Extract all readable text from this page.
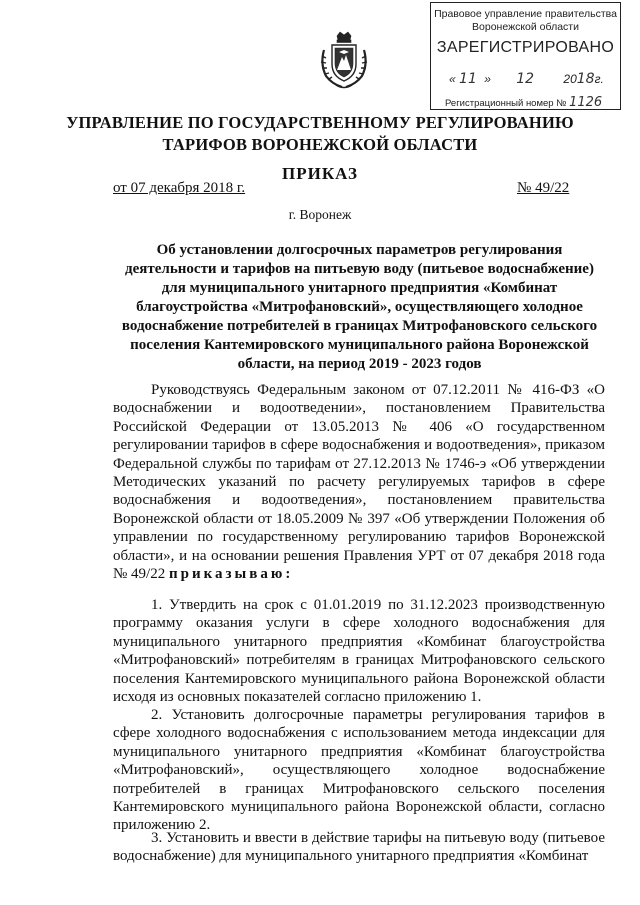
Правовое управление правительства
Воронежской области
ЗАРЕГИСТРИРОВАНО
« 11 » 12 2018г.
Регистрационный номер № 1126
УПРАВЛЕНИЕ ПО ГОСУДАРСТВЕННОМУ РЕГУЛИРОВАНИЮ
ТАРИФОВ ВОРОНЕЖСКОЙ ОБЛАСТИ
ПРИКАЗ
от 07 декабря 2018 г.	№ 49/22
г. Воронеж
Об установлении долгосрочных параметров регулирования деятельности и тарифов на питьевую воду (питьевое водоснабжение) для муниципального унитарного предприятия «Комбинат благоустройства «Митрофановский», осуществляющего холодное водоснабжение потребителей в границах Митрофановского сельского поселения Кантемировского муниципального района Воронежской области, на период 2019 - 2023 годов
Руководствуясь Федеральным законом от 07.12.2011 № 416-ФЗ «О водоснабжении и водоотведении», постановлением Правительства Российской Федерации от 13.05.2013 № 406 «О государственном регулировании тарифов в сфере водоснабжения и водоотведения», приказом Федеральной службы по тарифам от 27.12.2013 № 1746-э «Об утверждении Методических указаний по расчету регулируемых тарифов в сфере водоснабжения и водоотведения», постановлением правительства Воронежской области от 18.05.2009 № 397 «Об утверждении Положения об управлении по государственному регулированию тарифов Воронежской области», и на основании решения Правления УРТ от 07 декабря 2018 года № 49/22 приказываю:
1. Утвердить на срок с 01.01.2019 по 31.12.2023 производственную программу оказания услуги в сфере холодного водоснабжения для муниципального унитарного предприятия «Комбинат благоустройства «Митрофановский» потребителям в границах Митрофановского сельского поселения Кантемировского муниципального района Воронежской области исходя из основных показателей согласно приложению 1.
2. Установить долгосрочные параметры регулирования тарифов в сфере холодного водоснабжения с использованием метода индексации для муниципального унитарного предприятия «Комбинат благоустройства «Митрофановский», осуществляющего холодное водоснабжение потребителей в границах Митрофановского сельского поселения Кантемировского муниципального района Воронежской области, согласно приложению 2.
3. Установить и ввести в действие тарифы на питьевую воду (питьевое водоснабжение) для муниципального унитарного предприятия «Комбинат
